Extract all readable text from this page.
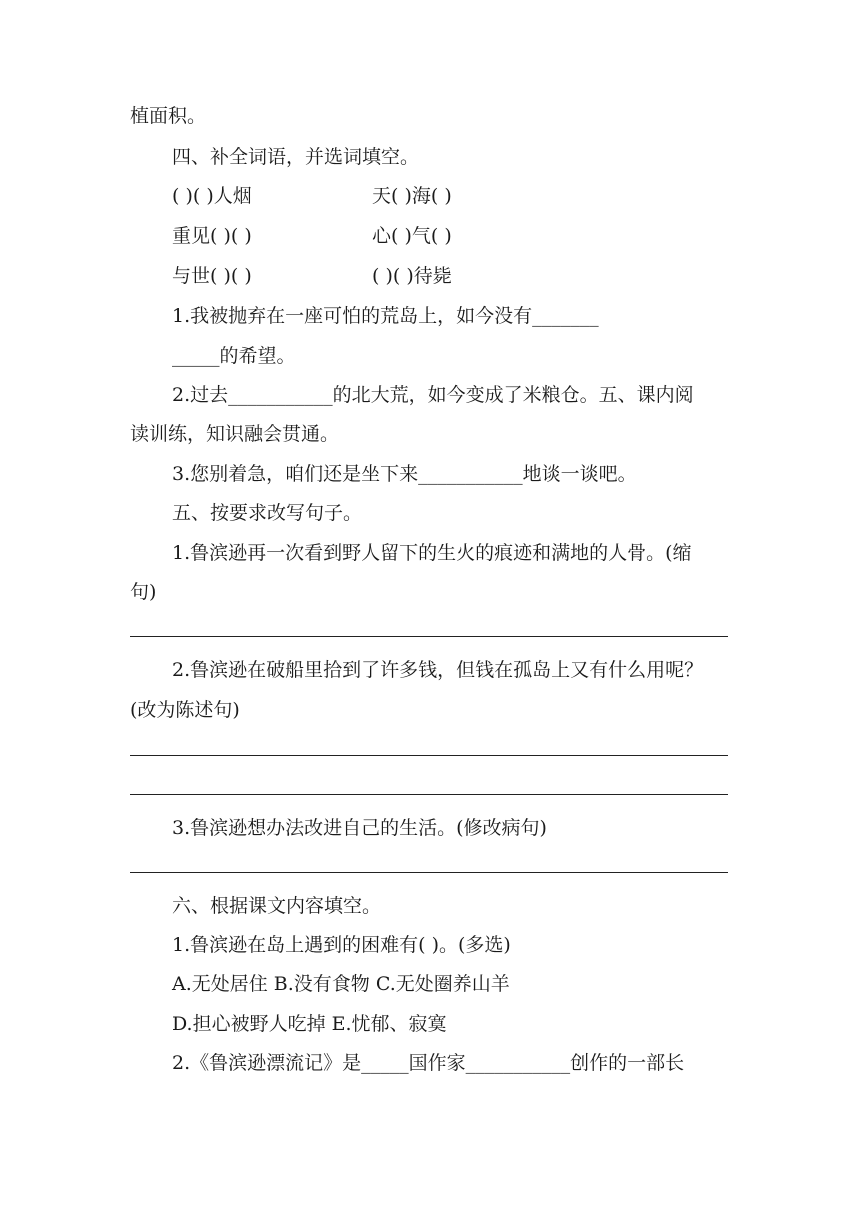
植面积。
四、补全词语，并选词填空。
( )( )人烟	天( )海( )
重见( )( )	心( )气( )
与世( )( )	( )( )待毙
1.我被抛弃在一座可怕的荒岛上，如今没有_______
_____的希望。
2.过去___________的北大荒，如今变成了米粮仓。五、课内阅
读训练，知识融会贯通。
3.您别着急，咱们还是坐下来___________地谈一谈吧。
五、按要求改写句子。
1.鲁滨逊再一次看到野人留下的生火的痕迹和满地的人骨。(缩
句)
2.鲁滨逊在破船里拾到了许多钱，但钱在孤岛上又有什么用呢？
(改为陈述句)
3.鲁滨逊想办法改进自己的生活。(修改病句)
六、根据课文内容填空。
1.鲁滨逊在岛上遇到的困难有( )。(多选)
A.无处居住 B.没有食物 C.无处圈养山羊
D.担心被野人吃掉 E.忧郁、寂寞
2.《鲁滨逊漂流记》是_____国作家___________创作的一部长
